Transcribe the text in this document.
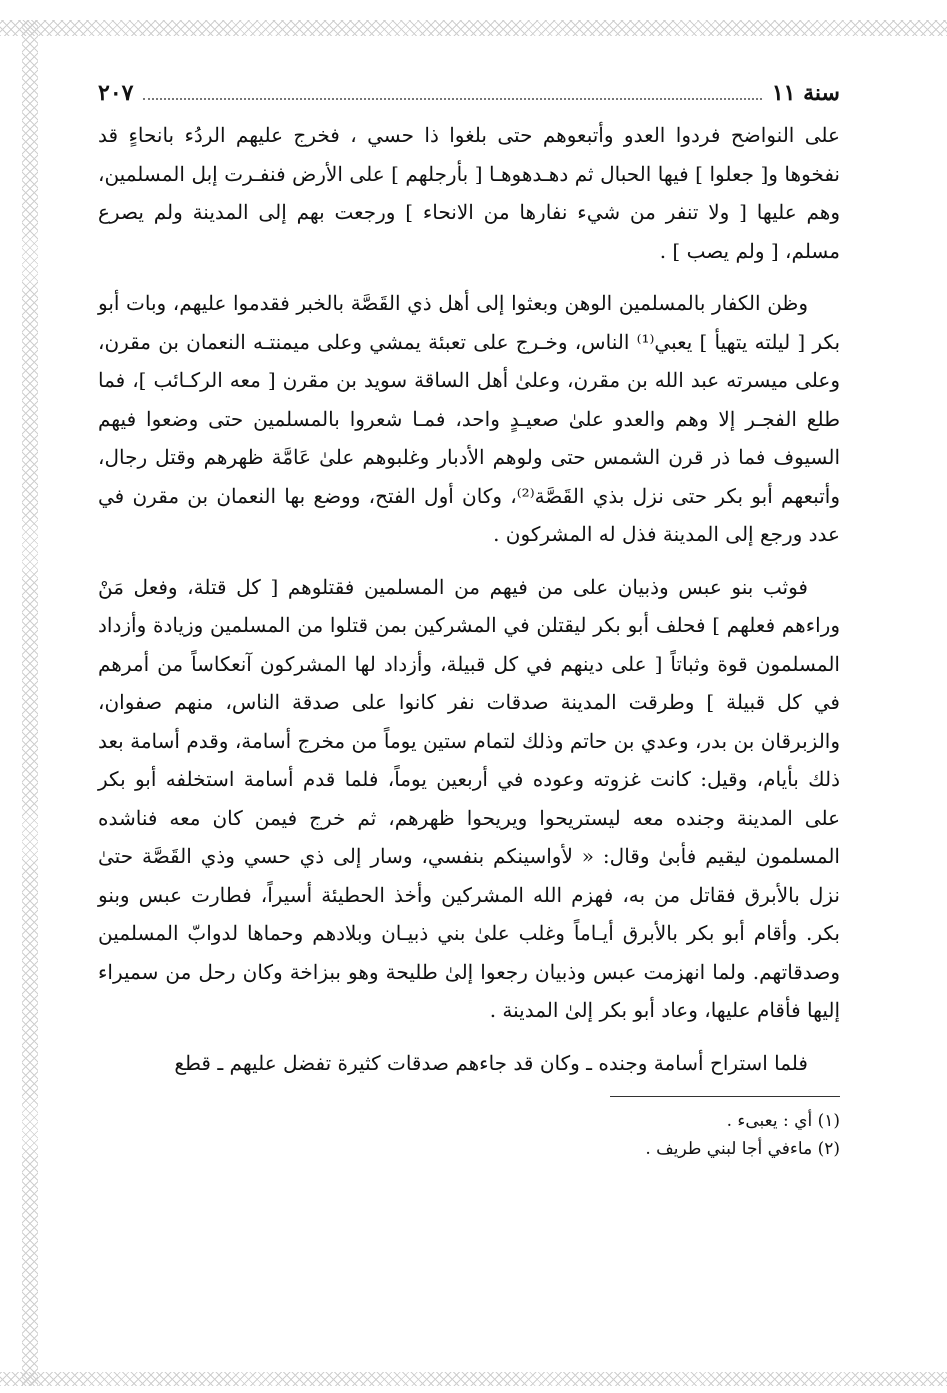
سنة ١١
٢٠٧

على النواضح فردوا العدو وأتبعوهم حتى بلغوا ذا حسي ، فخرج عليهم الردُء بانحاءٍ قد نفخوها و[ جعلوا ] فيها الحبال ثم دهـدهوهـا [ بأرجلهم ] على الأرض فنفـرت إبل المسلمين، وهم عليها [ ولا تنفر من شيء نفارها من الانحاء ] ورجعت بهم إلى المدينة ولم يصرع مسلم، [ ولم يصب ] .

وظن الكفار بالمسلمين الوهن وبعثوا إلى أهل ذي القَصَّة بالخبر فقدموا عليهم، وبات أبو بكر [ ليلته يتهيأ ] يعبي⁽¹⁾ الناس، وخـرج على تعبئة يمشي وعلى ميمنتـه النعمان بن مقرن، وعلى ميسرته عبد الله بن مقرن، وعلىٰ أهل الساقة سويد بن مقرن [ معه الركـائب ]، فما طلع الفجـر إلا وهم والعدو علىٰ صعيـدٍ واحد، فمـا شعروا بالمسلمين حتى وضعوا فيهم السيوف فما ذر قرن الشمس حتى ولوهم الأدبار وغلبوهم علىٰ عَامَّة ظهرهم وقتل رجال، وأتبعهم أبو بكر حتى نزل بذي القَصَّة⁽²⁾، وكان أول الفتح، ووضع بها النعمان بن مقرن في عدد ورجع إلى المدينة فذل له المشركون .

فوثب بنو عبس وذبيان على من فيهم من المسلمين فقتلوهم [ كل قتلة، وفعل مَنْ وراءهم فعلهم ] فحلف أبو بكر ليقتلن في المشركين بمن قتلوا من المسلمين وزيادة وأزداد المسلمون قوة وثباتاً [ على دينهم في كل قبيلة، وأزداد لها المشركون آنعكاساً من أمرهم في كل قبيلة ] وطرقت المدينة صدقات نفر كانوا على صدقة الناس، منهم صفوان، والزبرقان بن بدر، وعدي بن حاتم وذلك لتمام ستين يوماً من مخرج أسامة، وقدم أسامة بعد ذلك بأيام، وقيل: كانت غزوته وعوده في أربعين يوماً، فلما قدم أسامة استخلفه أبو بكر على المدينة وجنده معه ليستريحوا ويريحوا ظهرهم، ثم خرج فيمن كان معه فناشده المسلمون ليقيم فأبىٰ وقال: « لأواسينكم بنفسي، وسار إلى ذي حسي وذي القَصَّة حتىٰ نزل بالأبرق فقاتل من به، فهزم الله المشركين وأخذ الحطيئة أسيراً، فطارت عبس وبنو بكر. وأقام أبو بكر بالأبرق أيـاماً وغلب علىٰ بني ذبيـان وبلادهم وحماها لدوابّ المسلمين وصدقاتهم. ولما انهزمت عبس وذبيان رجعوا إلىٰ طليحة وهو ببزاخة وكان رحل من سميراء إليها فأقام عليها، وعاد أبو بكر إلىٰ المدينة .

فلما استراح أسامة وجنده ـ وكان قد جاءهم صدقات كثيرة تفضل عليهم ـ قطع

(١) أي : يعبىء .
(٢) ماءفي أجا لبني طريف .
